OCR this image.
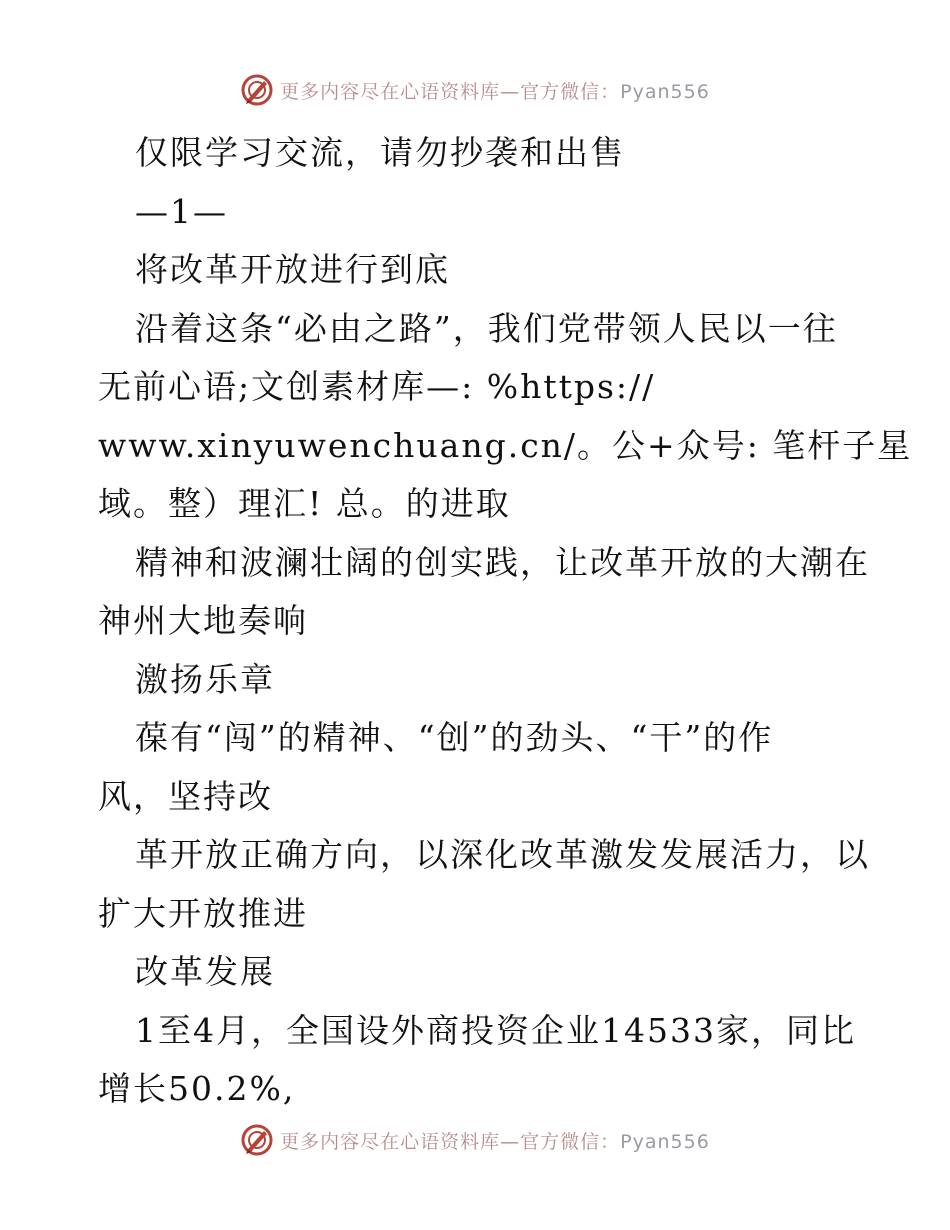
更多内容尽在心语资料库—官方微信：Pyan556
仅限学习交流，请勿抄袭和出售
—1—
将改革开放进行到底
沿着这条“必由之路”，我们党带领人民以一往
无前心语;文创素材库—: %https://
www.xinyuwenchuang.cn/。公+众号: 笔杆子星
域。整）理汇! 总。的进取
精神和波澜壮阔的创实践，让改革开放的大潮在
神州大地奏响
激扬乐章
葆有“闯”的精神、“创”的劲头、“干”的作
风，坚持改
革开放正确方向，以深化改革激发发展活力，以
扩大开放推进
改革发展
1至4月，全国设外商投资企业14533家，同比
增长50.2%,
更多内容尽在心语资料库—官方微信：Pyan556
